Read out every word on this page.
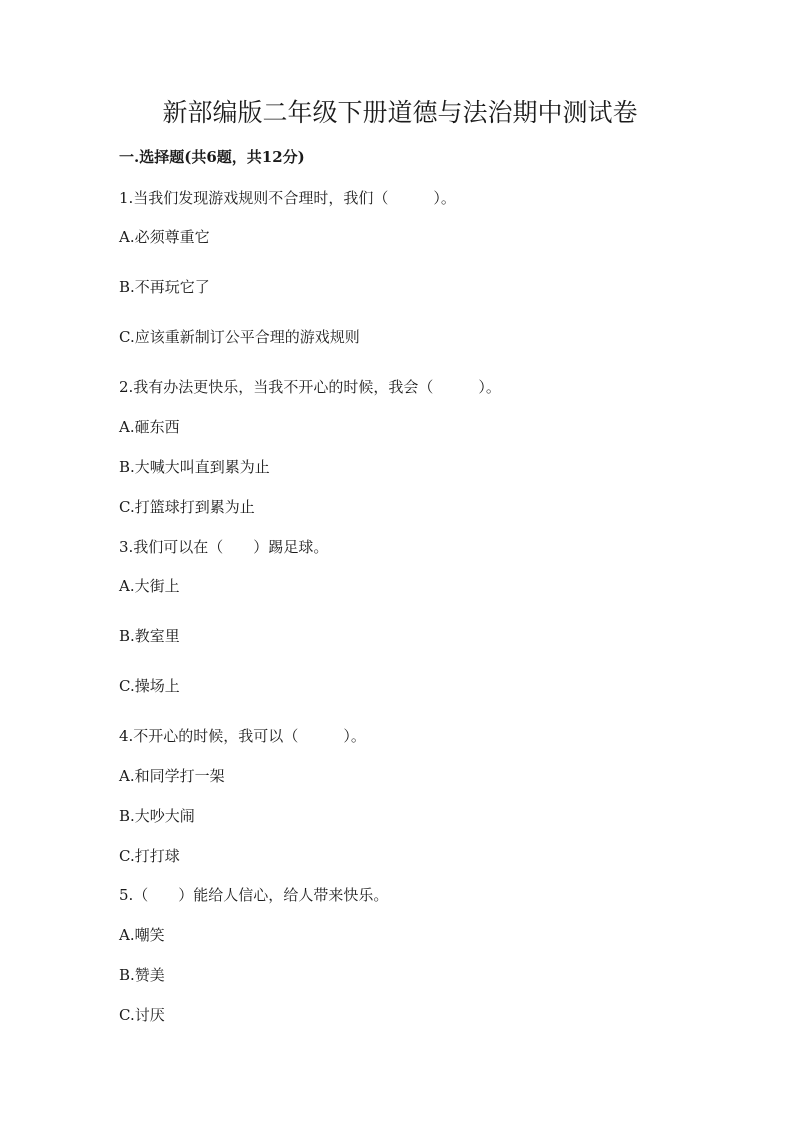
新部编版二年级下册道德与法治期中测试卷

一.选择题(共6题，共12分)

1.当我们发现游戏规则不合理时，我们（　　　）。

A.必须尊重它

B.不再玩它了

C.应该重新制订公平合理的游戏规则

2.我有办法更快乐，当我不开心的时候，我会（　　　）。

A.砸东西

B.大喊大叫直到累为止

C.打篮球打到累为止

3.我们可以在（　　）踢足球。

A.大街上

B.教室里

C.操场上

4.不开心的时候，我可以（　　　）。

A.和同学打一架

B.大吵大闹

C.打打球

5.（　　）能给人信心，给人带来快乐。

A.嘲笑

B.赞美

C.讨厌
